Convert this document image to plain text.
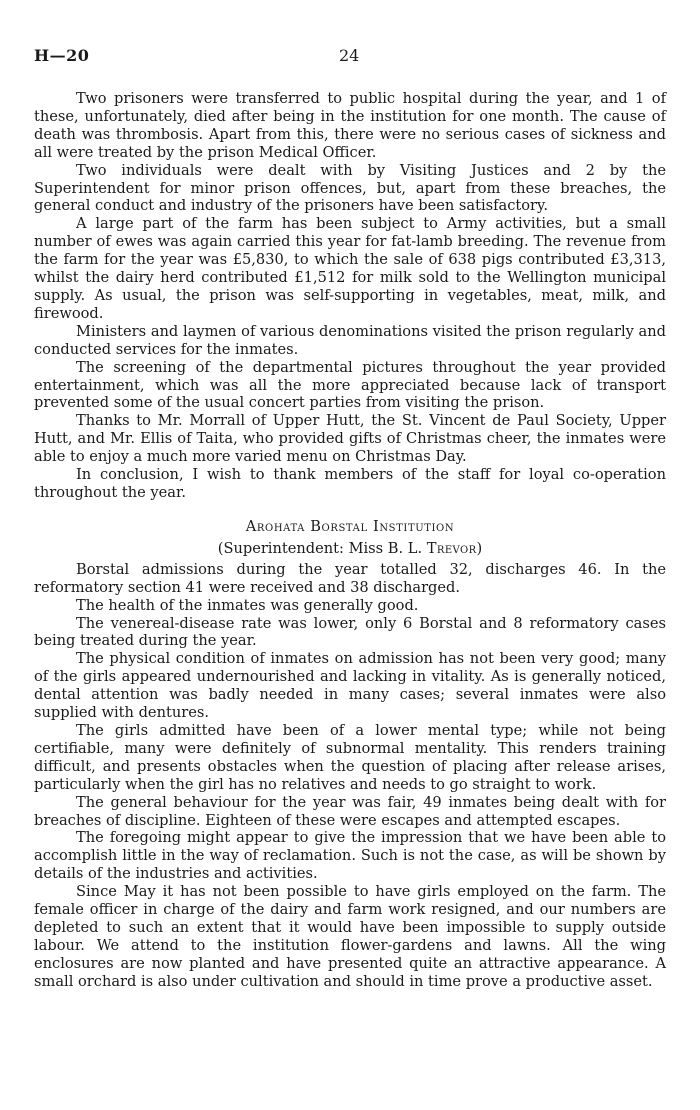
H—20	24

Two prisoners were transferred to public hospital during the year, and 1 of these, unfortunately, died after being in the institution for one month. The cause of death was thrombosis. Apart from this, there were no serious cases of sickness and all were treated by the prison Medical Officer.

Two individuals were dealt with by Visiting Justices and 2 by the Superintendent for minor prison offences, but, apart from these breaches, the general conduct and industry of the prisoners have been satisfactory.

A large part of the farm has been subject to Army activities, but a small number of ewes was again carried this year for fat-lamb breeding. The revenue from the farm for the year was £5,830, to which the sale of 638 pigs contributed £3,313, whilst the dairy herd contributed £1,512 for milk sold to the Wellington municipal supply. As usual, the prison was self-supporting in vegetables, meat, milk, and firewood.

Ministers and laymen of various denominations visited the prison regularly and conducted services for the inmates.

The screening of the departmental pictures throughout the year provided entertainment, which was all the more appreciated because lack of transport prevented some of the usual concert parties from visiting the prison.

Thanks to Mr. Morrall of Upper Hutt, the St. Vincent de Paul Society, Upper Hutt, and Mr. Ellis of Taita, who provided gifts of Christmas cheer, the inmates were able to enjoy a much more varied menu on Christmas Day.

In conclusion, I wish to thank members of the staff for loyal co-operation throughout the year.

Arohata Borstal Institution
(Superintendent: Miss B. L. Trevor)

Borstal admissions during the year totalled 32, discharges 46. In the reformatory section 41 were received and 38 discharged.

The health of the inmates was generally good.

The venereal-disease rate was lower, only 6 Borstal and 8 reformatory cases being treated during the year.

The physical condition of inmates on admission has not been very good; many of the girls appeared undernourished and lacking in vitality. As is generally noticed, dental attention was badly needed in many cases; several inmates were also supplied with dentures.

The girls admitted have been of a lower mental type; while not being certifiable, many were definitely of subnormal mentality. This renders training difficult, and presents obstacles when the question of placing after release arises, particularly when the girl has no relatives and needs to go straight to work.

The general behaviour for the year was fair, 49 inmates being dealt with for breaches of discipline. Eighteen of these were escapes and attempted escapes.

The foregoing might appear to give the impression that we have been able to accomplish little in the way of reclamation. Such is not the case, as will be shown by details of the industries and activities.

Since May it has not been possible to have girls employed on the farm. The female officer in charge of the dairy and farm work resigned, and our numbers are depleted to such an extent that it would have been impossible to supply outside labour. We attend to the institution flower-gardens and lawns. All the wing enclosures are now planted and have presented quite an attractive appearance. A small orchard is also under cultivation and should in time prove a productive asset.
